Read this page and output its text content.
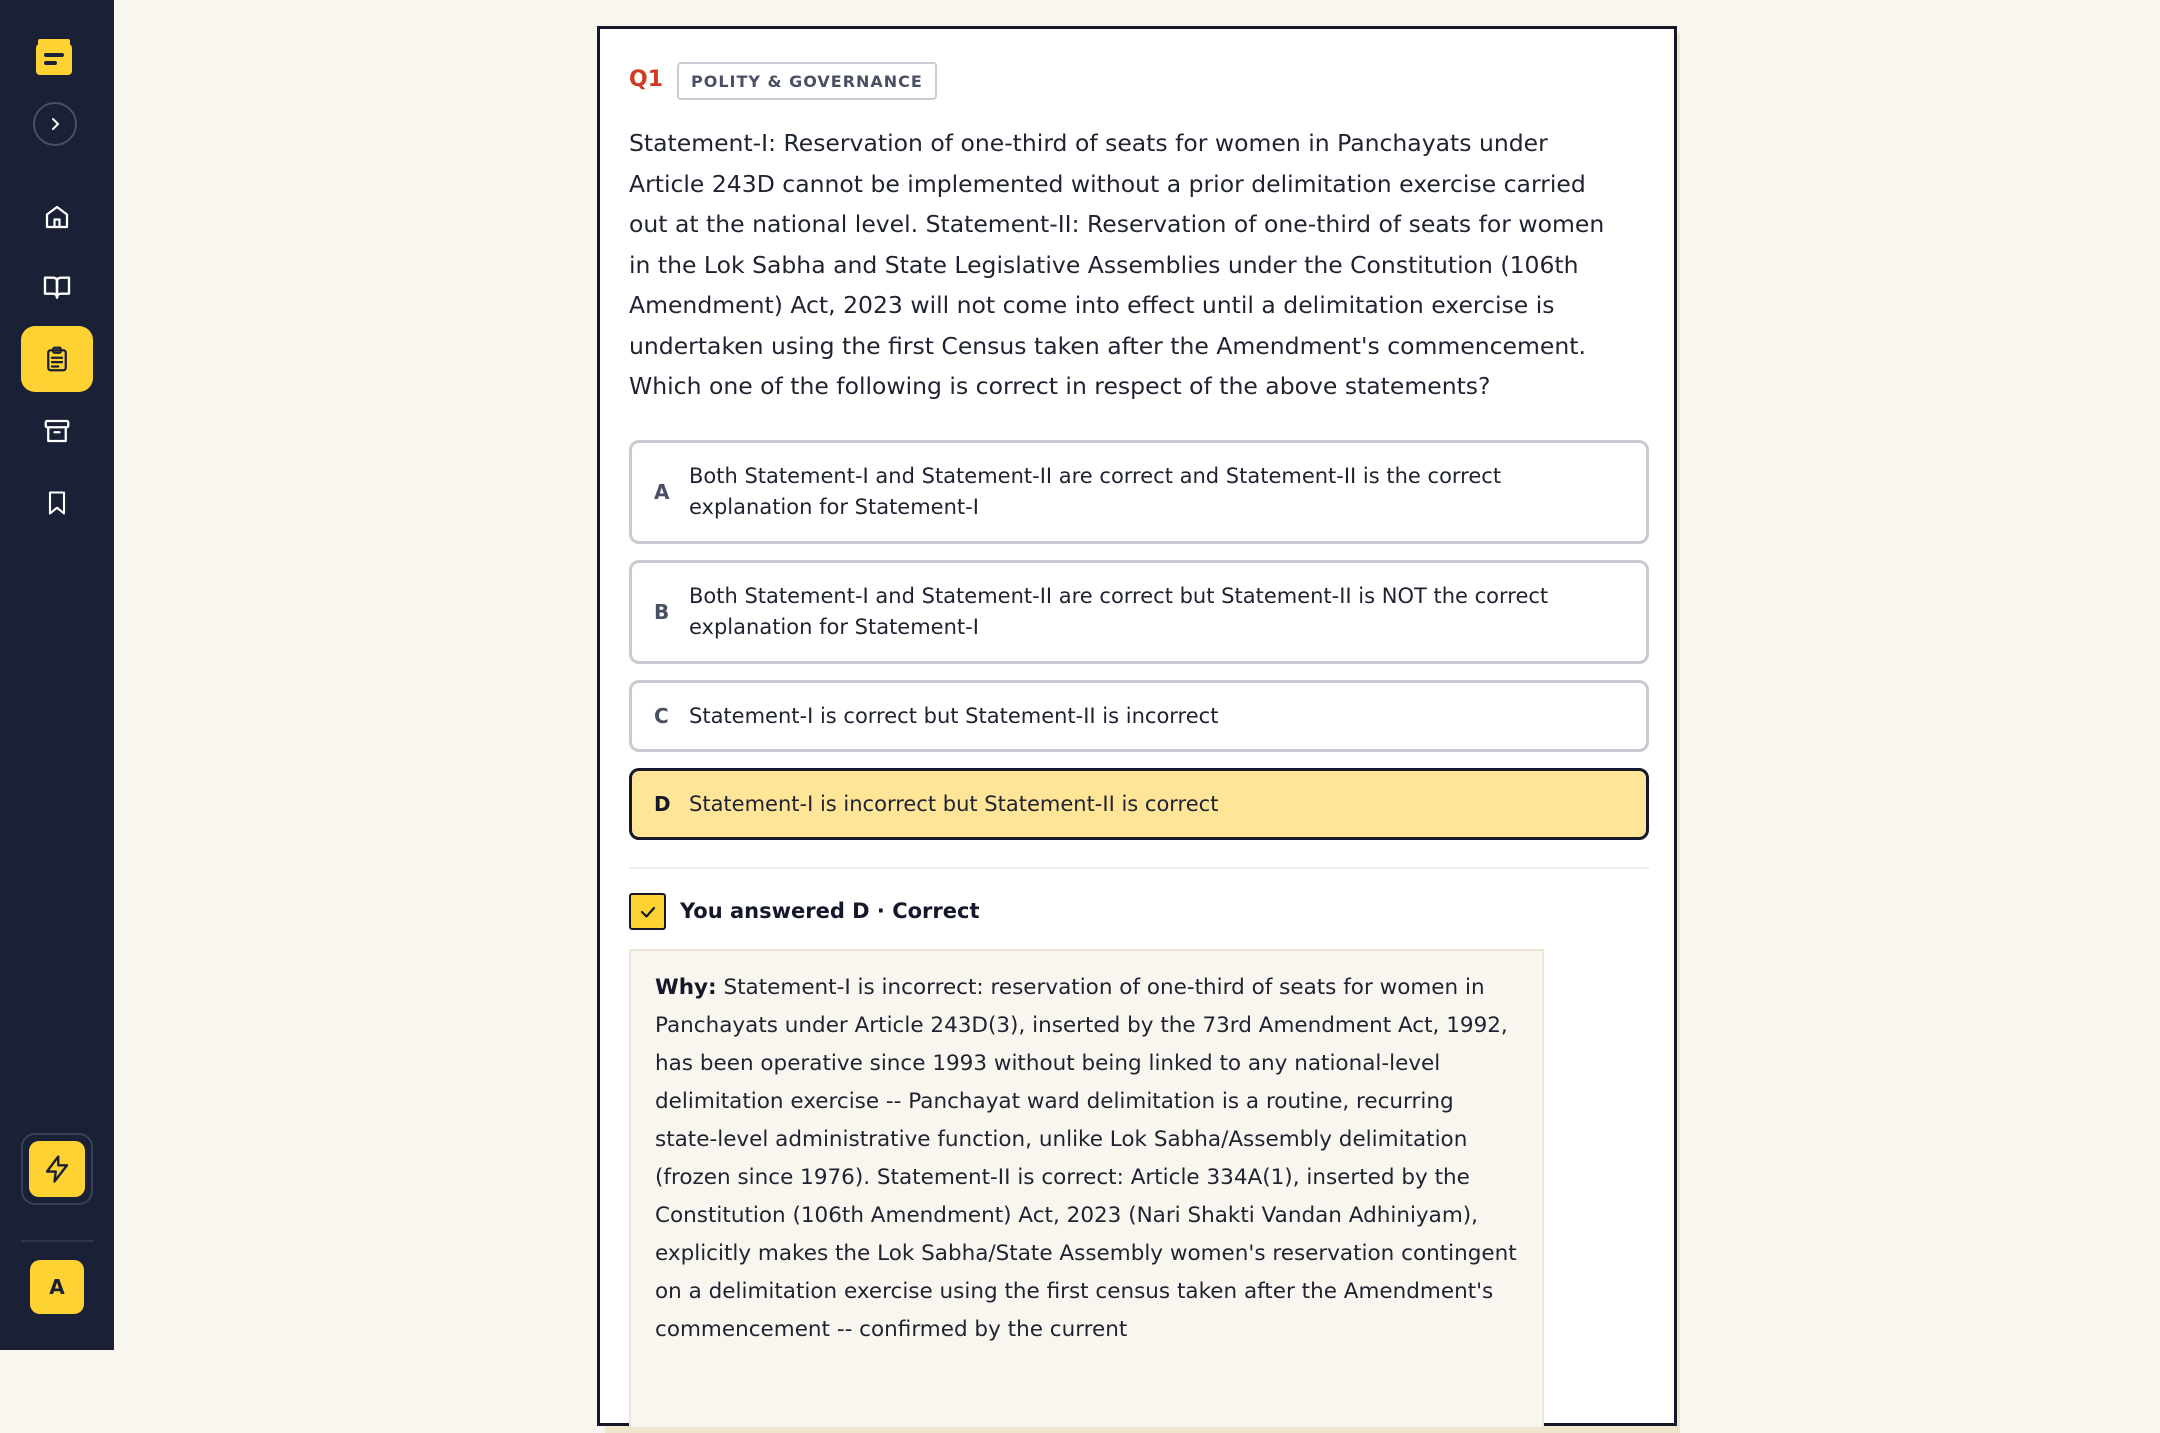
A
Q1	POLITY & GOVERNANCE

Statement-I: Reservation of one-third of seats for women in Panchayats under Article 243D cannot be implemented without a prior delimitation exercise carried out at the national level. Statement-II: Reservation of one-third of seats for women in the Lok Sabha and State Legislative Assemblies under the Constitution (106th Amendment) Act, 2023 will not come into effect until a delimitation exercise is undertaken using the first Census taken after the Amendment's commencement. Which one of the following is correct in respect of the above statements?

A
Both Statement-I and Statement-II are correct and Statement-II is the correct explanation for Statement-I
B
Both Statement-I and Statement-II are correct but Statement-II is NOT the correct explanation for Statement-I
C Statement-I is correct but Statement-II is incorrect
D Statement-I is incorrect but Statement-II is correct
You answered D · Correct

Why: Statement-I is incorrect: reservation of one-third of seats for women in Panchayats under Article 243D(3), inserted by the 73rd Amendment Act, 1992, has been operative since 1993 without being linked to any national-level delimitation exercise -- Panchayat ward delimitation is a routine, recurring state-level administrative function, unlike Lok Sabha/Assembly delimitation (frozen since 1976). Statement-II is correct: Article 334A(1), inserted by the Constitution (106th Amendment) Act, 2023 (Nari Shakti Vandan Adhiniyam), explicitly makes the Lok Sabha/State Assembly women's reservation contingent on a delimitation exercise using the first census taken after the Amendment's commencement -- confirmed by the current
